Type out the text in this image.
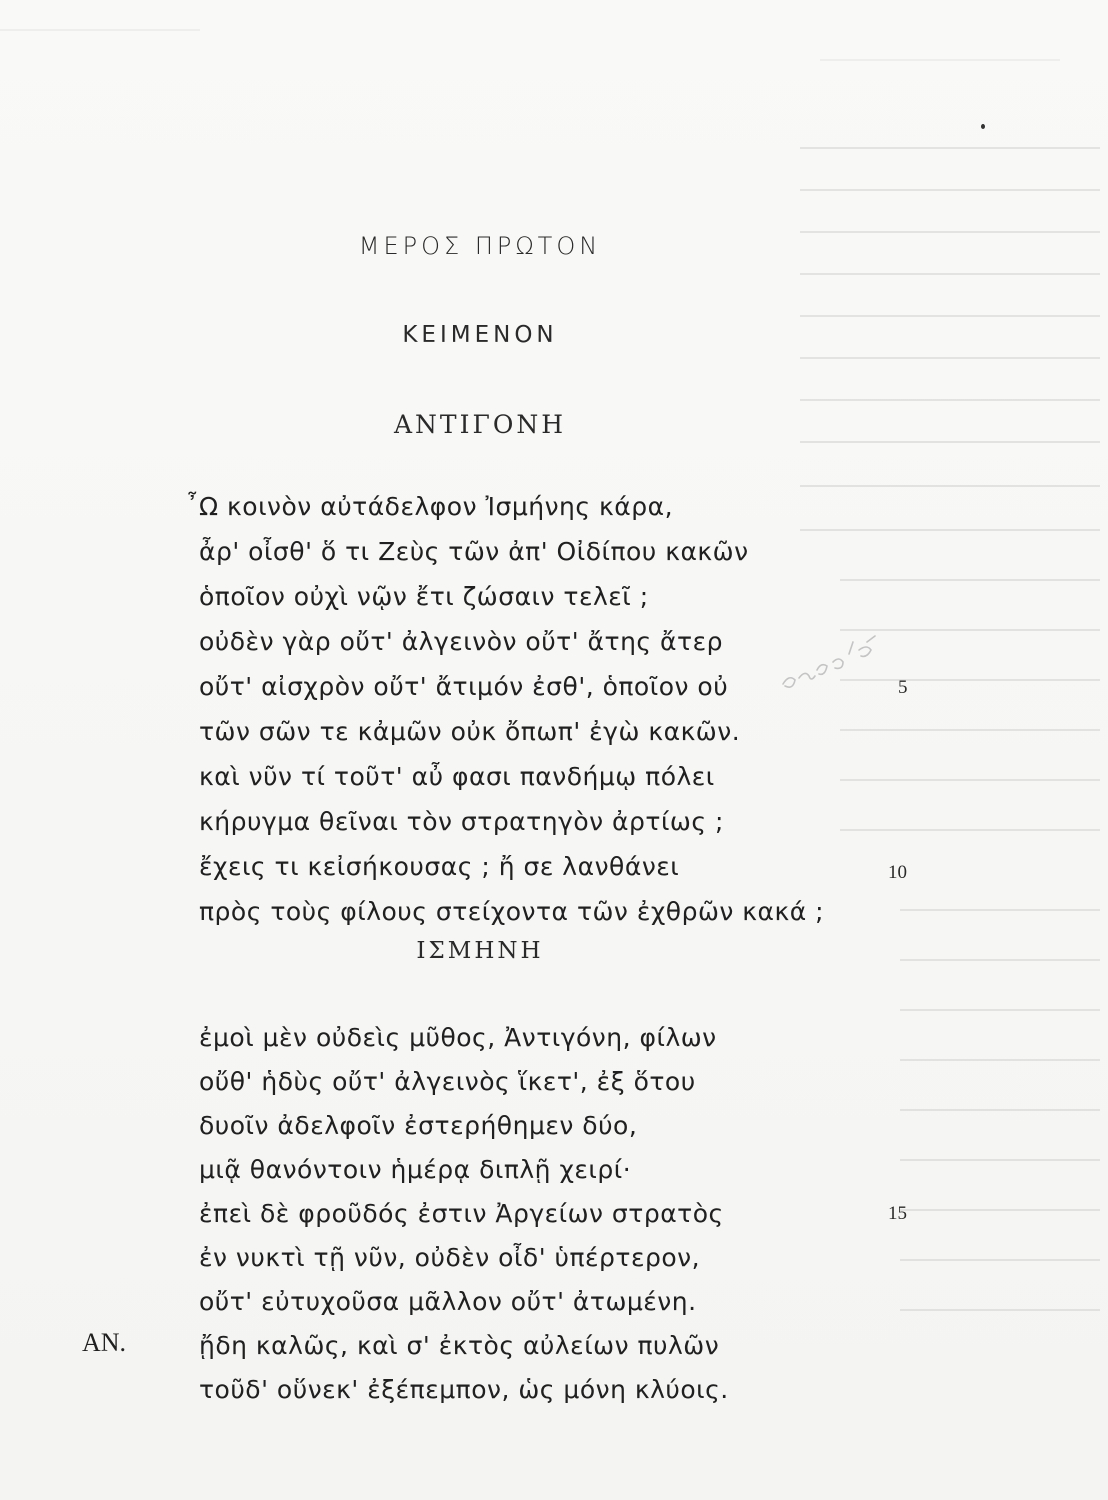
ουδ' ουσ
ΜΕΡΟΣ ΠΡΩΤΟΝ
ΚΕΙΜΕΝΟΝ
ΑΝΤΙΓΟΝΗ
῏Ω κοινὸν αὐτάδελφον Ἰσμήνης κάρα,
ἆρ' οἶσθ' ὅ τι Ζεὺς τῶν ἀπ' Οἰδίπου κακῶν
ὁποῖον οὐχὶ νῷν ἔτι ζώσαιν τελεῖ ;
οὐδὲν γὰρ οὔτ' ἀλγεινὸν οὔτ' ἄτης ἄτερ
οὔτ' αἰσχρὸν οὔτ' ἄτιμόν ἐσθ', ὁποῖον οὐ
τῶν σῶν τε κἀμῶν οὐκ ὄπωπ' ἐγὼ κακῶν.
καὶ νῦν τί τοῦτ' αὖ φασι πανδήμῳ πόλει
κήρυγμα θεῖναι τὸν στρατηγὸν ἀρτίως ;
ἔχεις τι κεἰσήκουσας ; ἤ σε λανθάνει
πρὸς τοὺς φίλους στείχοντα τῶν ἐχθρῶν κακά ;
5
10
ΙΣΜΗΝΗ
ἐμοὶ μὲν οὐδεὶς μῦθος, Ἀντιγόνη, φίλων
οὔθ' ἡδὺς οὔτ' ἀλγεινὸς ἵκετ', ἐξ ὅτου
δυοῖν ἀδελφοῖν ἐστερήθημεν δύο,
μιᾷ θανόντοιν ἡμέρᾳ διπλῇ χειρί·
ἐπεὶ δὲ φροῦδός ἐστιν Ἀργείων στρατὸς
ἐν νυκτὶ τῇ νῦν, οὐδὲν οἶδ' ὑπέρτερον,
οὔτ' εὐτυχοῦσα μᾶλλον οὔτ' ἀτωμένη.
15
ΑΝ.	ᾔδη καλῶς, καὶ σ' ἐκτὸς αὐλείων πυλῶν
τοῦδ' οὕνεκ' ἐξέπεμπον, ὡς μόνη κλύοις.
